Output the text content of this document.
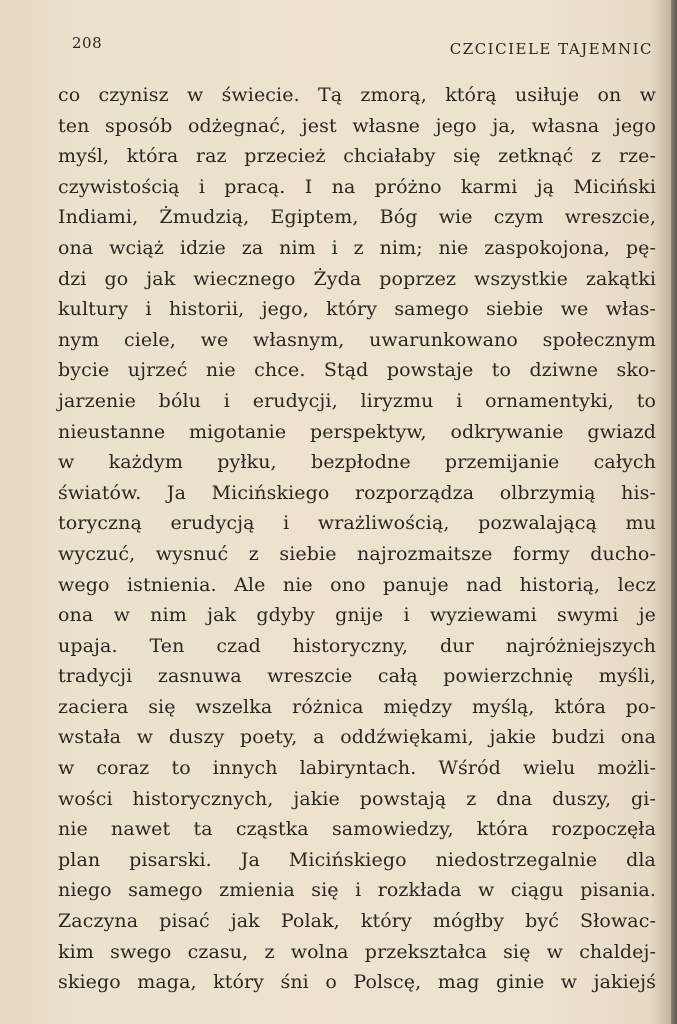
208	CZCICIELE TAJEMNIC
co czynisz w świecie. Tą zmorą, którą usiłuje on w
ten sposób odżegnać, jest własne jego ja, własna jego
myśl, która raz przecież chciałaby się zetknąć z rze-
czywistością i pracą. I na próżno karmi ją Miciński
Indiami, Żmudzią, Egiptem, Bóg wie czym wreszcie,
ona wciąż idzie za nim i z nim; nie zaspokojona, pę-
dzi go jak wiecznego Żyda poprzez wszystkie zakątki
kultury i historii, jego, który samego siebie we włas-
nym ciele, we własnym, uwarunkowano społecznym
bycie ujrzeć nie chce. Stąd powstaje to dziwne sko-
jarzenie bólu i erudycji, liryzmu i ornamentyki, to
nieustanne migotanie perspektyw, odkrywanie gwiazd
w każdym pyłku, bezpłodne przemijanie całych
światów. Ja Micińskiego rozporządza olbrzymią his-
toryczną erudycją i wrażliwością, pozwalającą mu
wyczuć, wysnuć z siebie najrozmaitsze formy ducho-
wego istnienia. Ale nie ono panuje nad historią, lecz
ona w nim jak gdyby gnije i wyziewami swymi je
upaja. Ten czad historyczny, dur najróżniejszych
tradycji zasnuwa wreszcie całą powierzchnię myśli,
zaciera się wszelka różnica między myślą, która po-
wstała w duszy poety, a oddźwiękami, jakie budzi ona
w coraz to innych labiryntach. Wśród wielu możli-
wości historycznych, jakie powstają z dna duszy, gi-
nie nawet ta cząstka samowiedzy, która rozpoczęła
plan pisarski. Ja Micińskiego niedostrzegalnie dla
niego samego zmienia się i rozkłada w ciągu pisania.
Zaczyna pisać jak Polak, który mógłby być Słowac-
kim swego czasu, z wolna przekształca się w chaldej-
skiego maga, który śni o Polscę, mag ginie w jakiejś
